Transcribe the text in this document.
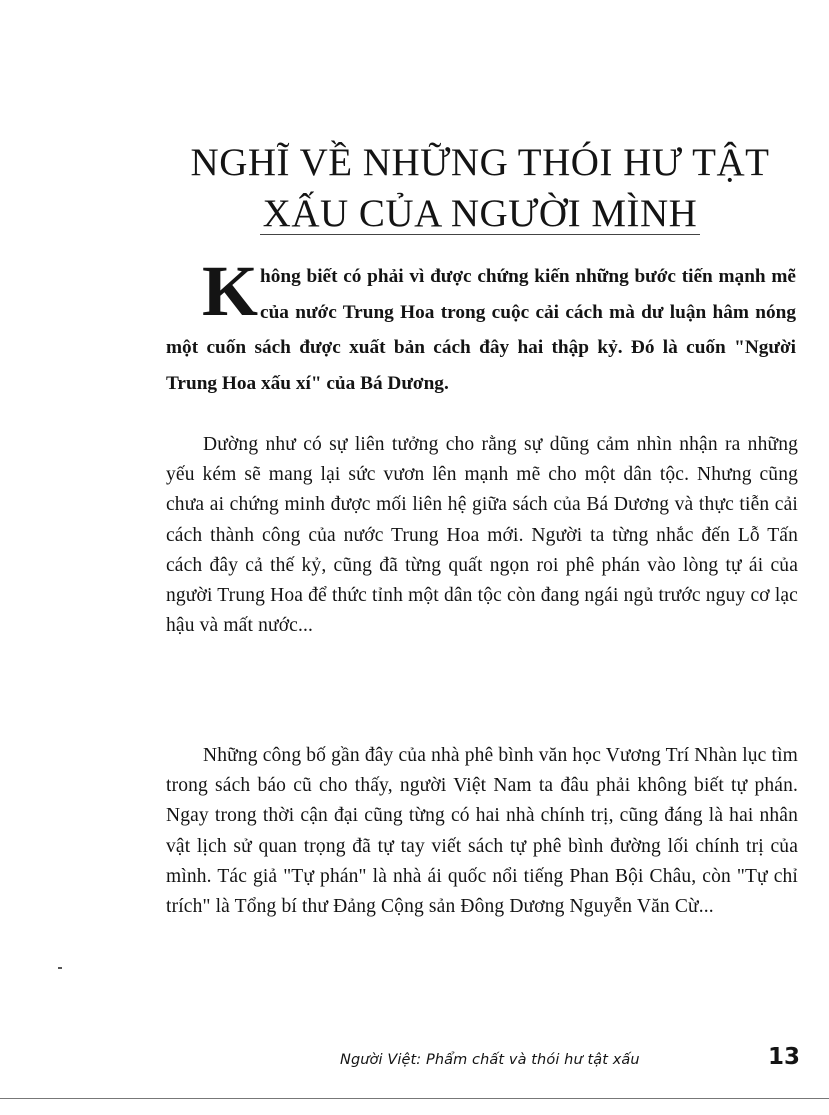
NGHĨ VỀ NHỮNG THÓI HƯ TẬT
XẤU CỦA NGƯỜI MÌNH

Không biết có phải vì được chứng kiến những bước tiến mạnh mẽ của nước Trung Hoa trong cuộc cải cách mà dư luận hâm nóng một cuốn sách được xuất bản cách đây hai thập kỷ. Đó là cuốn "Người Trung Hoa xấu xí" của Bá Dương.

Dường như có sự liên tưởng cho rằng sự dũng cảm nhìn nhận ra những yếu kém sẽ mang lại sức vươn lên mạnh mẽ cho một dân tộc. Nhưng cũng chưa ai chứng minh được mối liên hệ giữa sách của Bá Dương và thực tiễn cải cách thành công của nước Trung Hoa mới. Người ta từng nhắc đến Lỗ Tấn cách đây cả thế kỷ, cũng đã từng quất ngọn roi phê phán vào lòng tự ái của người Trung Hoa để thức tỉnh một dân tộc còn đang ngái ngủ trước nguy cơ lạc hậu và mất nước...

Những công bố gần đây của nhà phê bình văn học Vương Trí Nhàn lục tìm trong sách báo cũ cho thấy, người Việt Nam ta đâu phải không biết tự phán. Ngay trong thời cận đại cũng từng có hai nhà chính trị, cũng đáng là hai nhân vật lịch sử quan trọng đã tự tay viết sách tự phê bình đường lối chính trị của mình. Tác giả "Tự phán" là nhà ái quốc nổi tiếng Phan Bội Châu, còn "Tự chỉ trích" là Tổng bí thư Đảng Cộng sản Đông Dương Nguyễn Văn Cừ...

Người Việt: Phẩm chất và thói hư tật xấu	13
